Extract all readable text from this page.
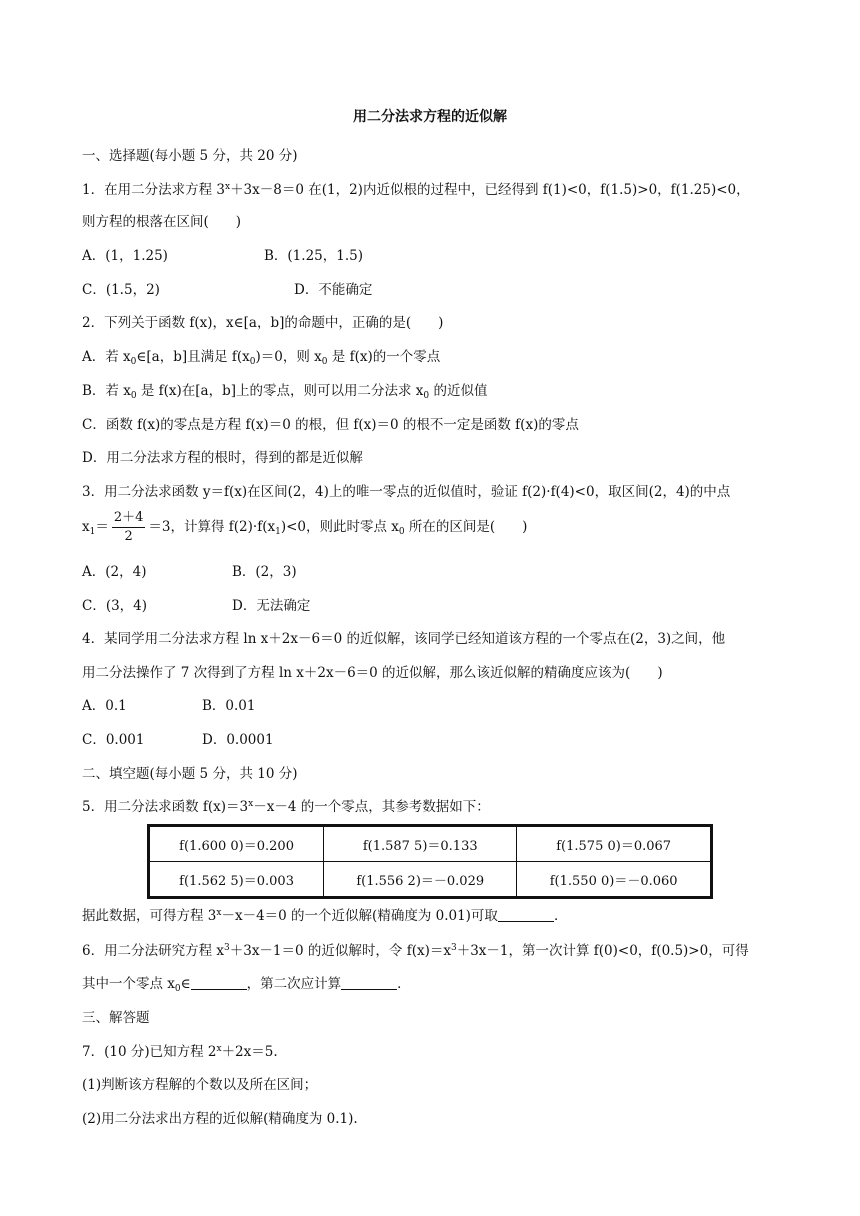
用二分法求方程的近似解
一、选择题(每小题 5 分，共 20 分)
1．在用二分法求方程 $3^x+3x-8=0$ 在(1，2)内近似根的过程中，已经得到 f(1)<0，f(1.5)>0，f(1.25)<0，
则方程的根落在区间(　　)
A．(1，1.25)	B．(1.25，1.5)
C．(1.5，2)	D．不能确定
2．下列关于函数 f(x)，x∈[a，b]的命题中，正确的是(　　)
A．若 $x_0\in[a$，b]且满足 $f(x_0)=0$，则 $x_0$ 是 f(x)的一个零点
B．若 $x_0$ 是 f(x)在[a，b]上的零点，则可以用二分法求 $x_0$ 的近似值
C．函数 f(x)的零点是方程 f(x)＝0 的根，但 f(x)＝0 的根不一定是函数 f(x)的零点
D．用二分法求方程的根时，得到的都是近似解
3．用二分法求函数 y＝f(x)在区间(2，4)上的唯一零点的近似值时，验证 f(2)·f(4)<0，取区间(2，4)的中点
$x_1= \frac{2+4}{2} =3$，计算得 $f(2)\cdot f(x_1)<0$，则此时零点 $x_0$ 所在的区间是(　　)
A．(2，4)	B．(2，3)
C．(3，4)	D．无法确定
4．某同学用二分法求方程 ln x＋2x－6＝0 的近似解，该同学已经知道该方程的一个零点在(2，3)之间，他
用二分法操作了 7 次得到了方程 ln x＋2x－6＝0 的近似解，那么该近似解的精确度应该为(　　)
A．0.1	B．0.01
C．0.001	D．0.0001
二、填空题(每小题 5 分，共 10 分)
5．用二分法求函数 $f(x)=3^x-x-4$ 的一个零点，其参考数据如下：
f(1.600 0)＝0.200	f(1.587 5)＝0.133	f(1.575 0)＝0.067
f(1.562 5)＝0.003	f(1.556 2)＝－0.029	f(1.550 0)＝－0.060
据此数据，可得方程 $3^x-x-4=0$ 的一个近似解(精确度为 0.01)可取	．
6．用二分法研究方程 $x^3+3x-1=0$ 的近似解时，令 $f(x)=x^3+3x-1$，第一次计算 f(0)<0，f(0.5)>0，可得
其中一个零点 $x_0\in$	，第二次应计算	．
三、解答题
7．(10 分)已知方程 $2^x+2x=5$.
(1)判断该方程解的个数以及所在区间；
(2)用二分法求出方程的近似解(精确度为 0.1).
